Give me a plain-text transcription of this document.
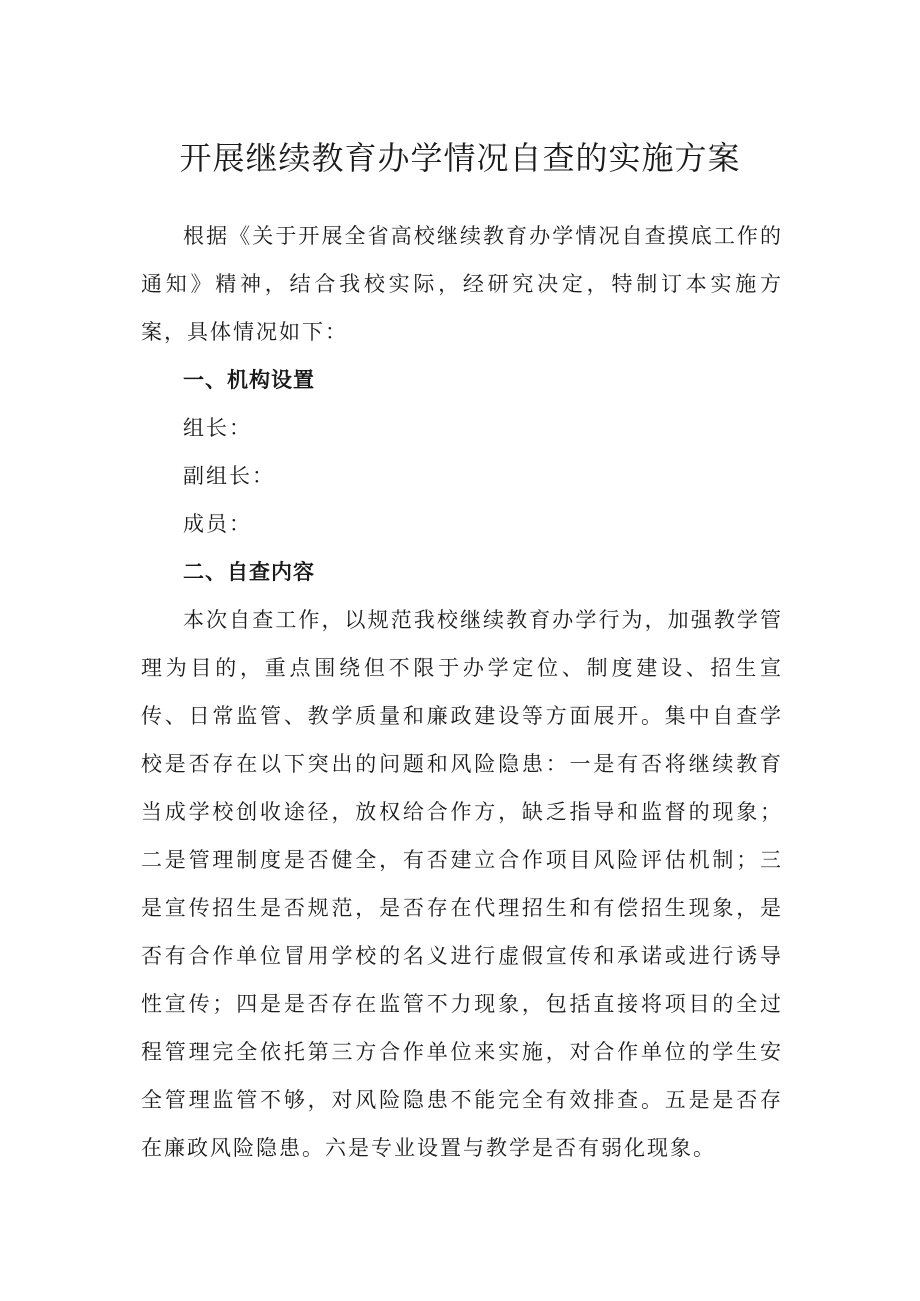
开展继续教育办学情况自查的实施方案

根据《关于开展全省高校继续教育办学情况自查摸底工作的通知》精神，结合我校实际，经研究决定，特制订本实施方案，具体情况如下：

一、机构设置

组长：

副组长：

成员：

二、自查内容

本次自查工作，以规范我校继续教育办学行为，加强教学管理为目的，重点围绕但不限于办学定位、制度建设、招生宣传、日常监管、教学质量和廉政建设等方面展开。集中自查学校是否存在以下突出的问题和风险隐患：一是有否将继续教育当成学校创收途径，放权给合作方，缺乏指导和监督的现象；二是管理制度是否健全，有否建立合作项目风险评估机制；三是宣传招生是否规范，是否存在代理招生和有偿招生现象，是否有合作单位冒用学校的名义进行虚假宣传和承诺或进行诱导性宣传；四是是否存在监管不力现象，包括直接将项目的全过程管理完全依托第三方合作单位来实施，对合作单位的学生安全管理监管不够，对风险隐患不能完全有效排查。五是是否存在廉政风险隐患。六是专业设置与教学是否有弱化现象。
